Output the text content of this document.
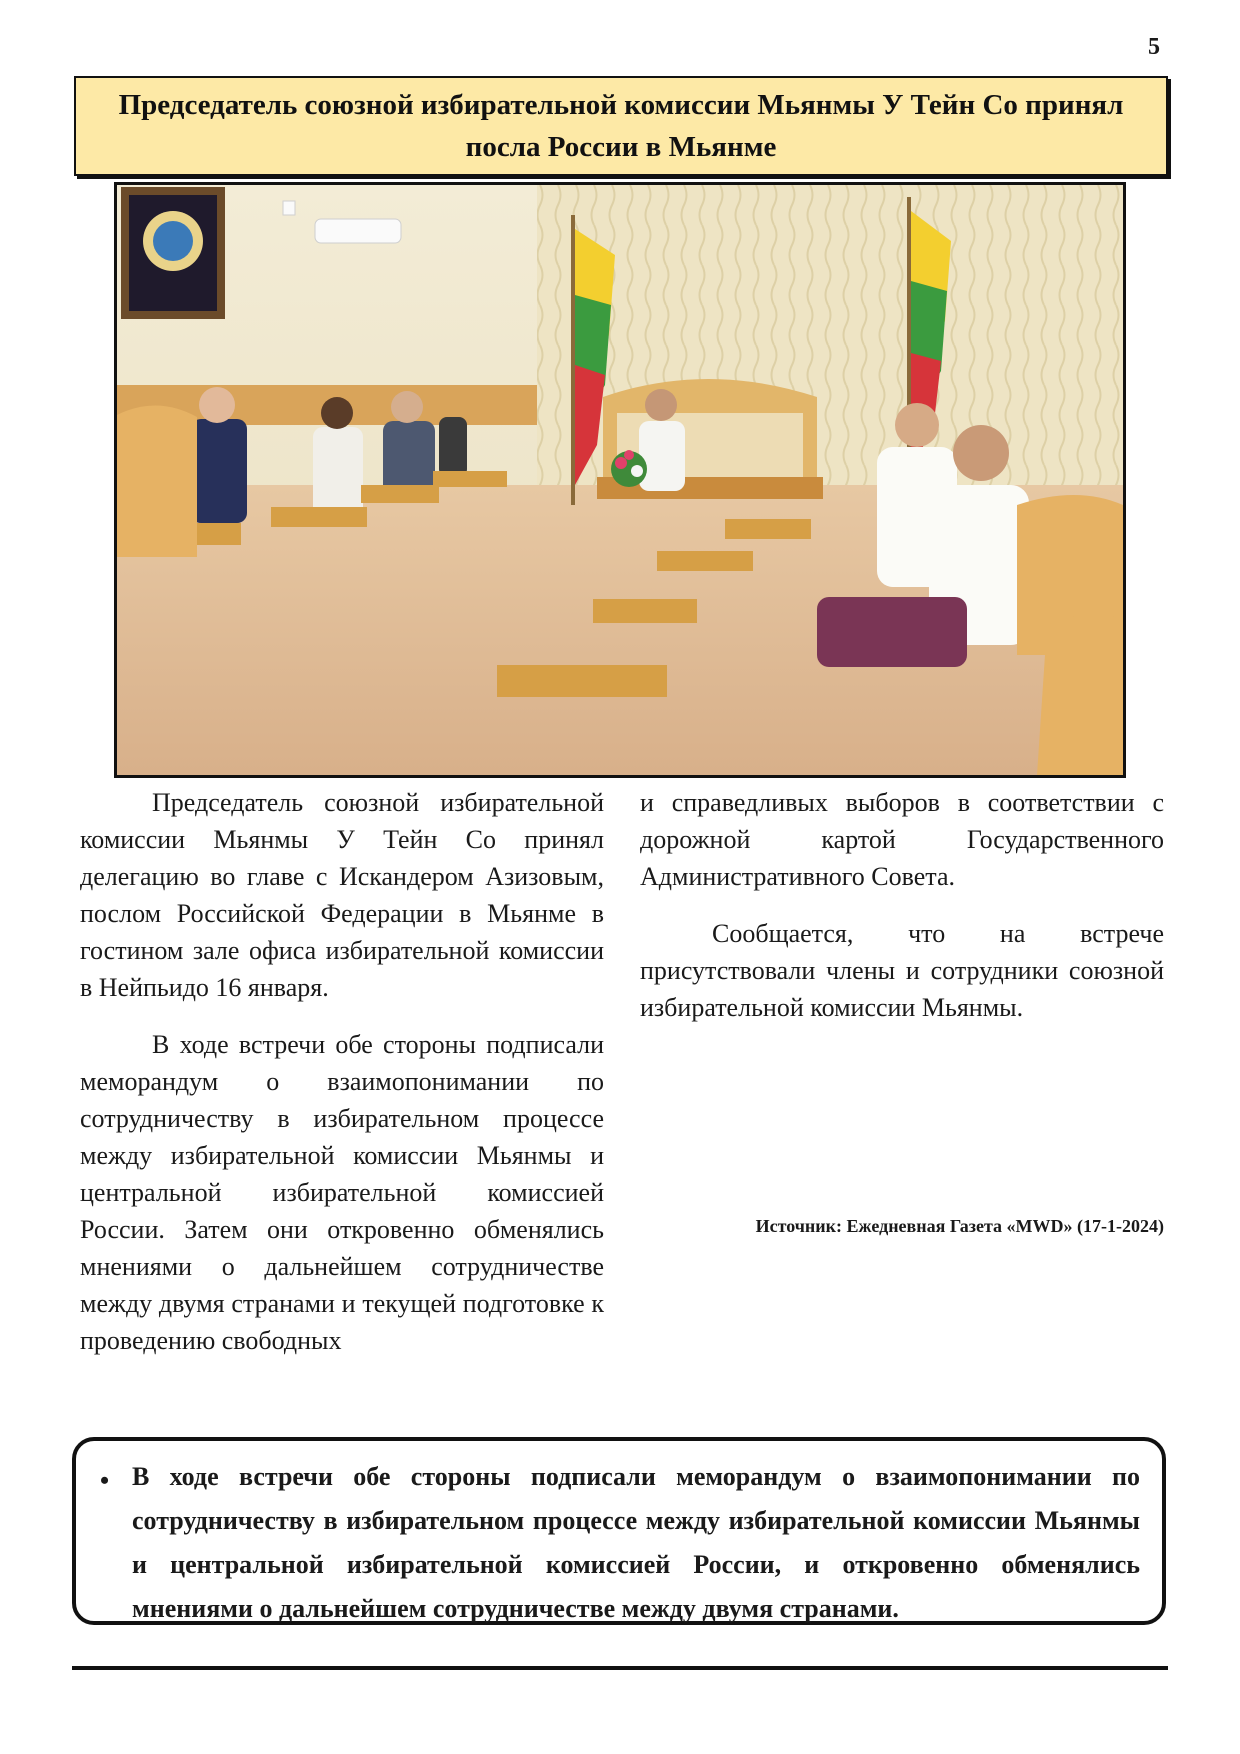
5
Председатель союзной избирательной комиссии Мьянмы У Тейн Со принял посла России в Мьянме

Председатель союзной избирательной комиссии Мьянмы У Тейн Со принял делегацию во главе с Искандером Азизовым, послом Российской Федерации в Мьянме в гостином зале офиса избирательной комиссии в Нейпьидо 16 января.

В ходе встречи обе стороны подписали меморандум о взаимопонимании по сотрудничеству в избирательном процессе между избирательной комиссии Мьянмы и центральной избирательной комиссией России. Затем они откровенно обменялись мнениями о дальнейшем сотрудничестве между двумя странами и текущей подготовке к проведению свободных

и справедливых выборов в соответствии с дорожной картой Государственного Административного Совета.

Сообщается, что на встрече присутствовали члены и сотрудники союзной избирательной комиссии Мьянмы.

Источник: Ежедневная Газета «MWD» (17-1-2024)
• В ходе встречи обе стороны подписали меморандум о взаимопонимании по сотрудничеству в избирательном процессе между избирательной комиссии Мьянмы и центральной избирательной комиссией России, и откровенно обменялись мнениями о дальнейшем сотрудничестве между двумя странами.
